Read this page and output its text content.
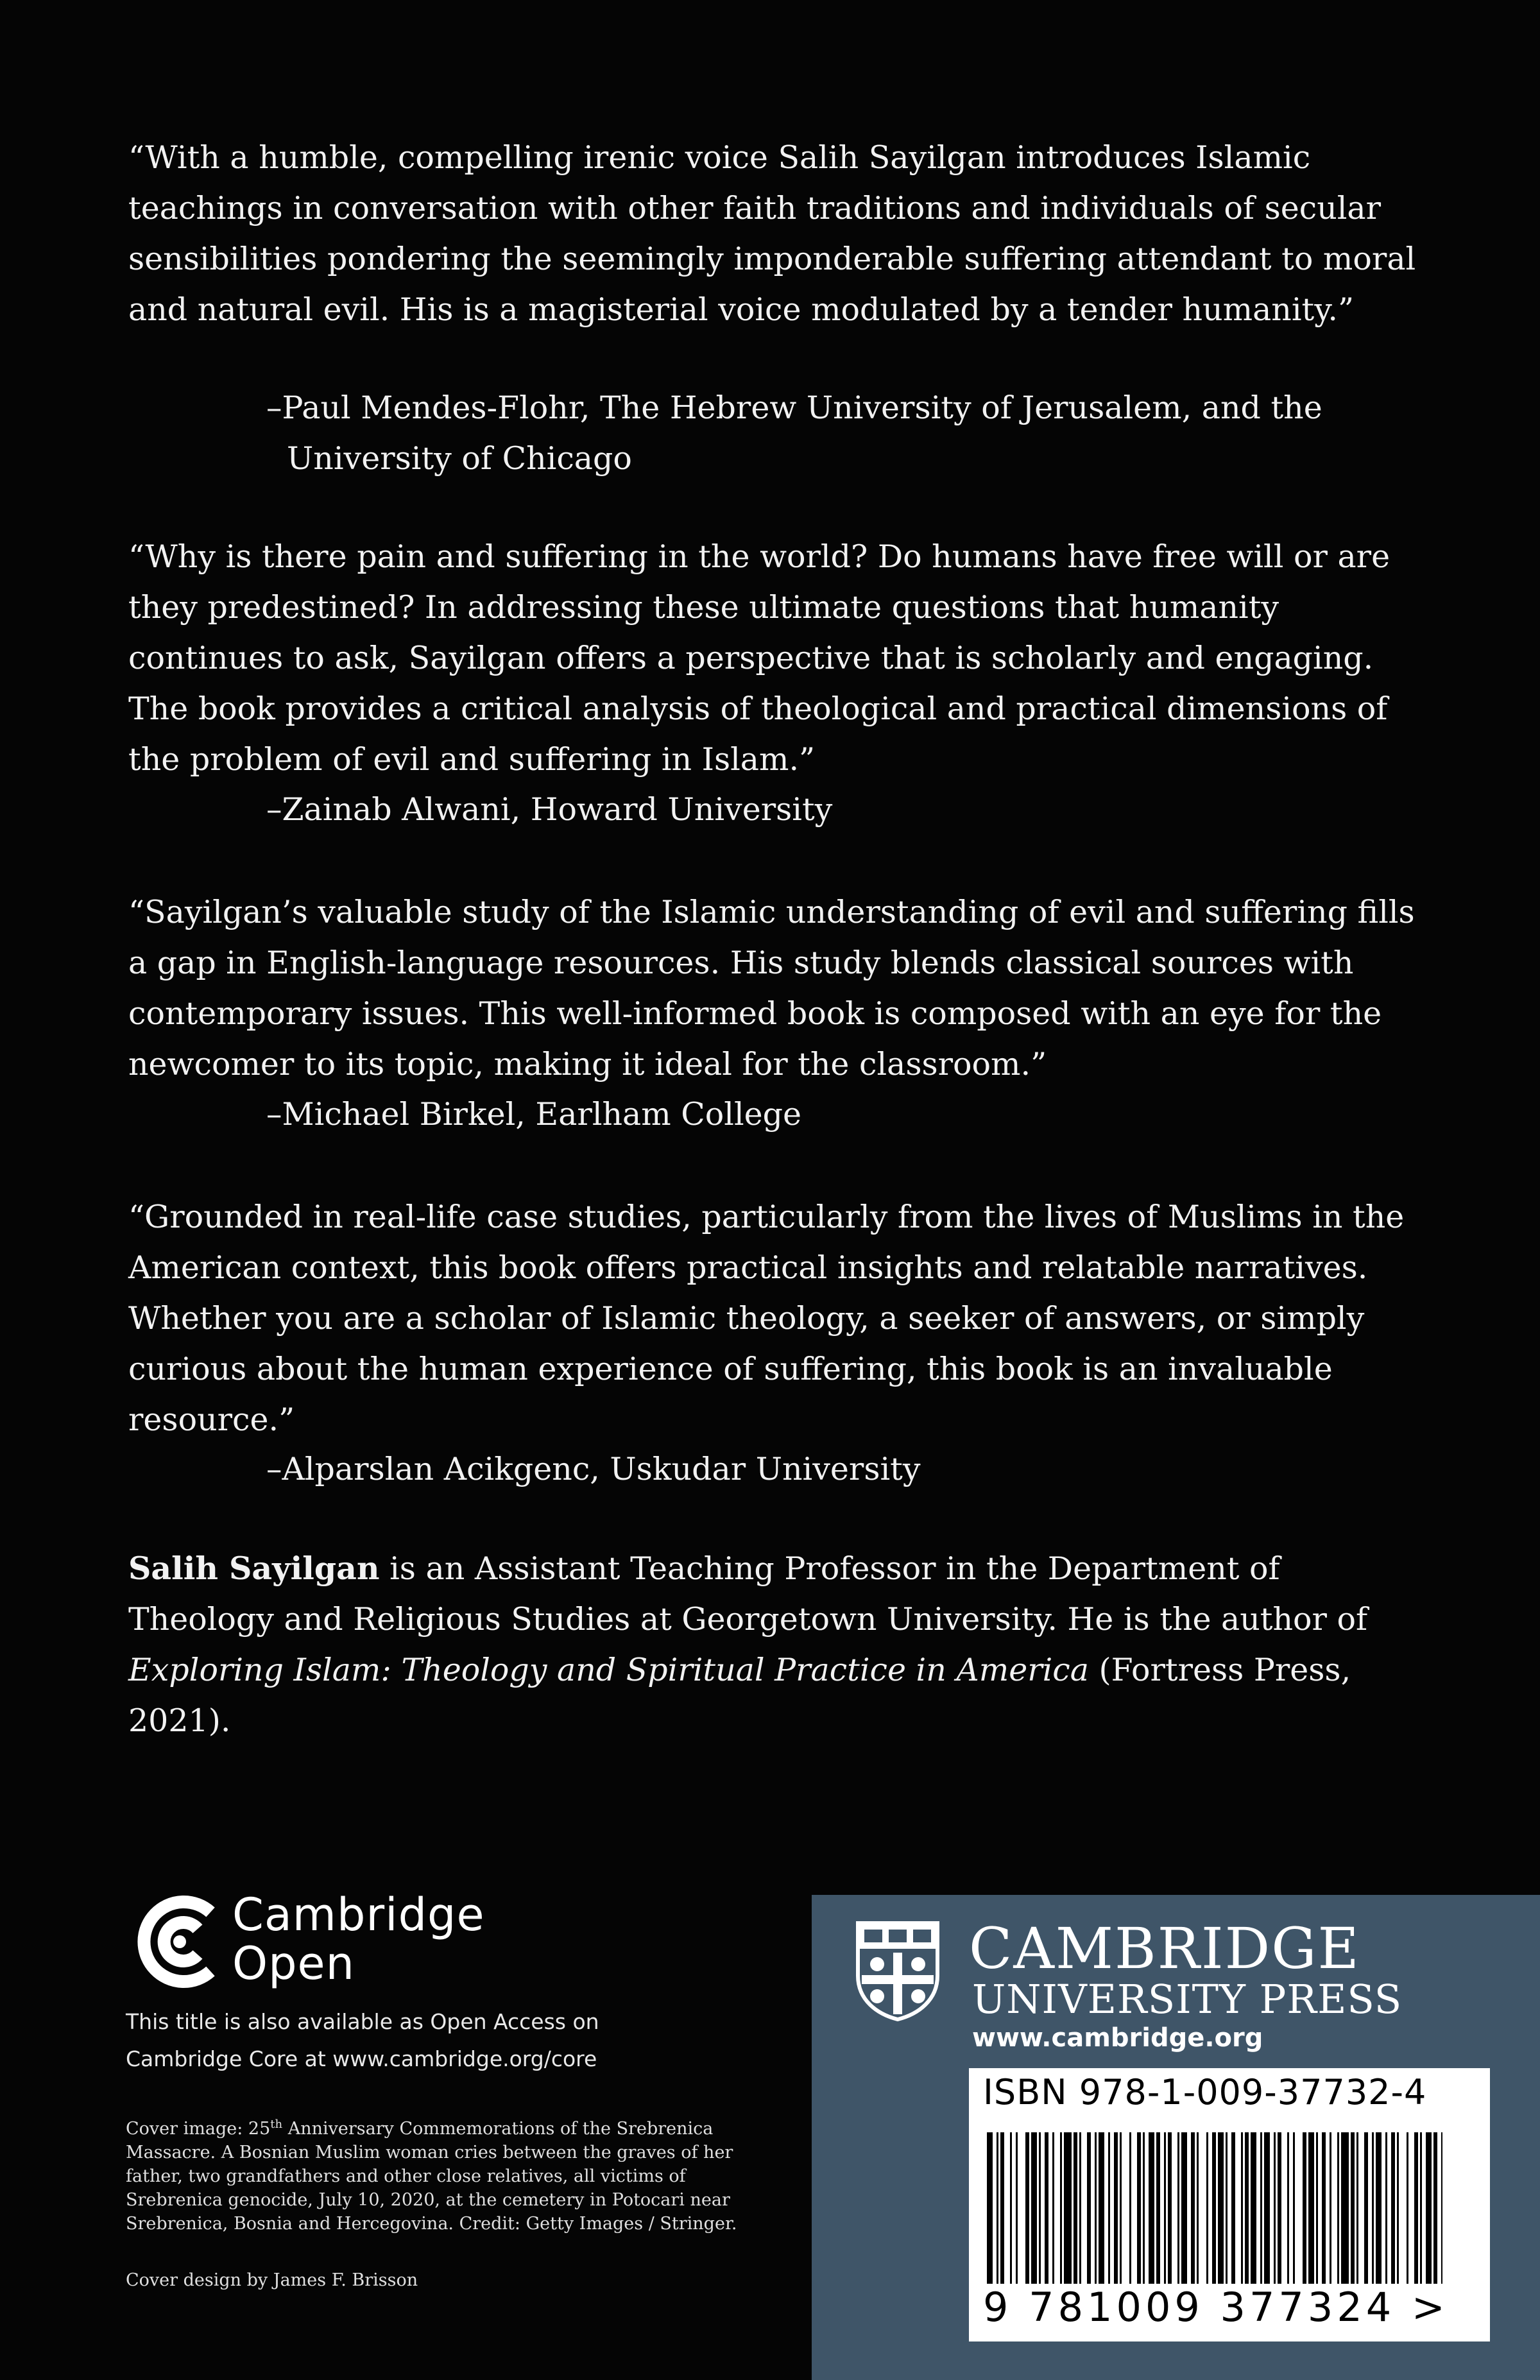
“With a humble, compelling irenic voice Salih Sayilgan introduces Islamic teachings in conversation with other faith traditions and individuals of secular sensibilities pondering the seemingly imponderable suffering attendant to moral and natural evil. His is a magisterial voice modulated by a tender humanity.”

–Paul Mendes-Flohr, The Hebrew University of Jerusalem, and the
University of Chicago

“Why is there pain and suffering in the world? Do humans have free will or are they predestined? In addressing these ultimate questions that humanity continues to ask, Sayilgan offers a perspective that is scholarly and engaging. The book provides a critical analysis of theological and practical dimensions of the problem of evil and suffering in Islam.”

–Zainab Alwani, Howard University

“Sayilgan’s valuable study of the Islamic understanding of evil and suffering fills a gap in English-language resources. His study blends classical sources with contemporary issues. This well-informed book is composed with an eye for the newcomer to its topic, making it ideal for the classroom.”

–Michael Birkel, Earlham College

“Grounded in real-life case studies, particularly from the lives of Muslims in the American context, this book offers practical insights and relatable narratives. Whether you are a scholar of Islamic theology, a seeker of answers, or simply curious about the human experience of suffering, this book is an invaluable resource.”

–Alparslan Acikgenc, Uskudar University

Salih Sayilgan is an Assistant Teaching Professor in the Department of Theology and Religious Studies at Georgetown University. He is the author of Exploring Islam: Theology and Spiritual Practice in America (Fortress Press, 2021).

Cambridge
Open
This title is also available as Open Access on Cambridge Core at www.cambridge.org/core
Cover image: 25th Anniversary Commemorations of the Srebrenica Massacre. A Bosnian Muslim woman cries between the graves of her father, two grandfathers and other close relatives, all victims of Srebrenica genocide, July 10, 2020, at the cemetery in Potocari near Srebrenica, Bosnia and Hercegovina. Credit: Getty Images / Stringer.
Cover design by James F. Brisson
CAMBRIDGE
UNIVERSITY PRESS
www.cambridge.org
ISBN 978-1-009-37732-4
9 781009 377324 >
